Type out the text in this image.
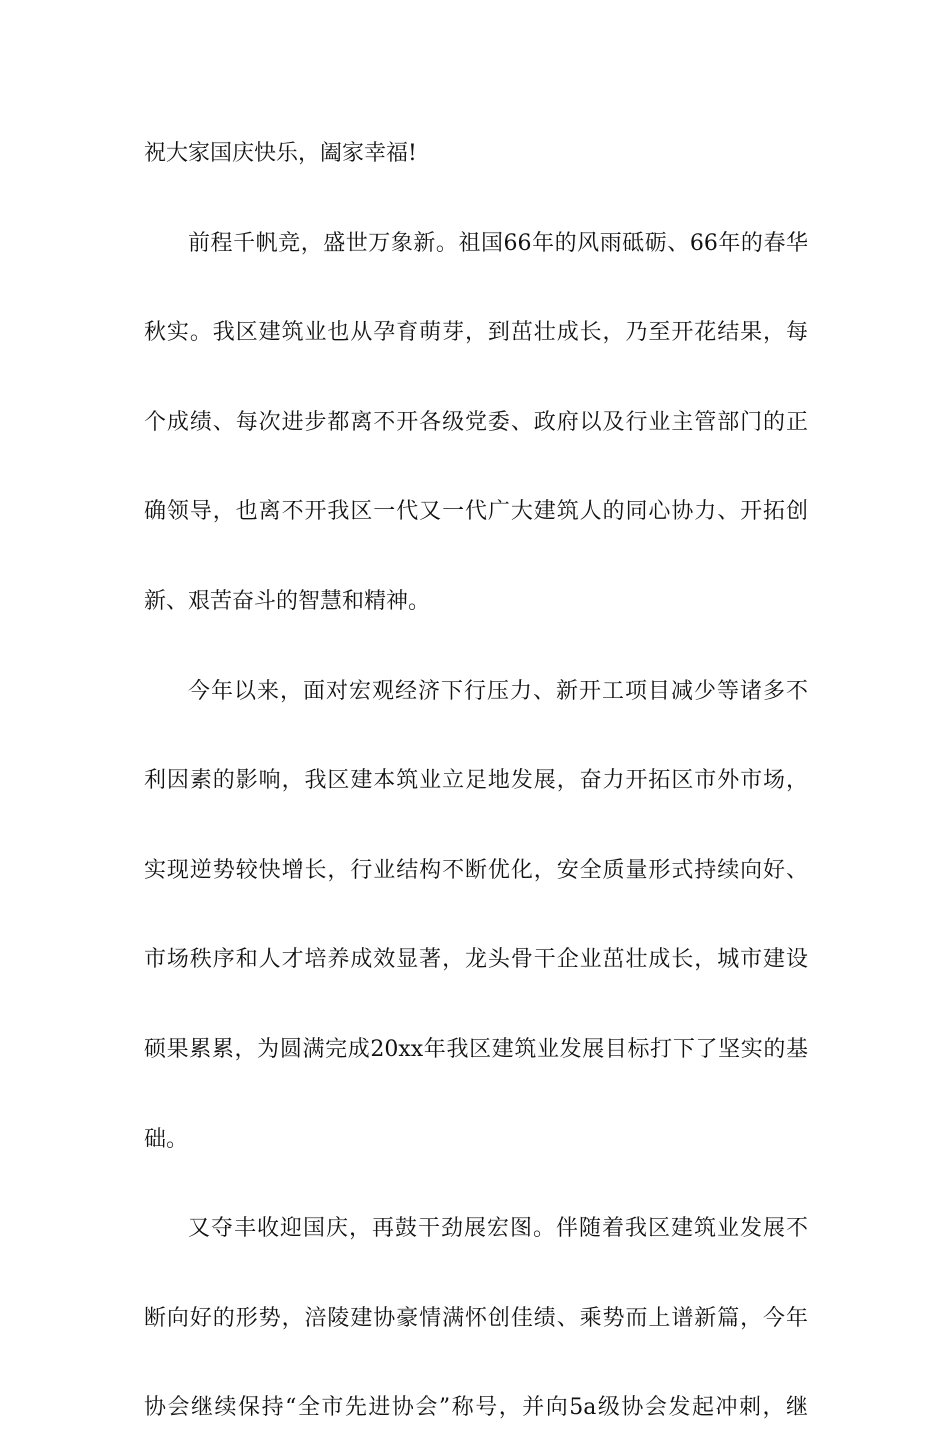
祝大家国庆快乐，阖家幸福!
前程千帆竞，盛世万象新。祖国66年的风雨砥砺、66年的春华
秋实。我区建筑业也从孕育萌芽，到茁壮成长，乃至开花结果，每
个成绩、每次进步都离不开各级党委、政府以及行业主管部门的正
确领导，也离不开我区一代又一代广大建筑人的同心协力、开拓创
新、艰苦奋斗的智慧和精神。
今年以来，面对宏观经济下行压力、新开工项目减少等诸多不
利因素的影响，我区建本筑业立足地发展，奋力开拓区市外市场，
实现逆势较快增长，行业结构不断优化，安全质量形式持续向好、
市场秩序和人才培养成效显著，龙头骨干企业茁壮成长，城市建设
硕果累累，为圆满完成20xx年我区建筑业发展目标打下了坚实的基
础。
又夺丰收迎国庆，再鼓干劲展宏图。伴随着我区建筑业发展不
断向好的形势，涪陵建协豪情满怀创佳绩、乘势而上谱新篇，今年
协会继续保持“全市先进协会”称号，并向5a级协会发起冲刺，继
